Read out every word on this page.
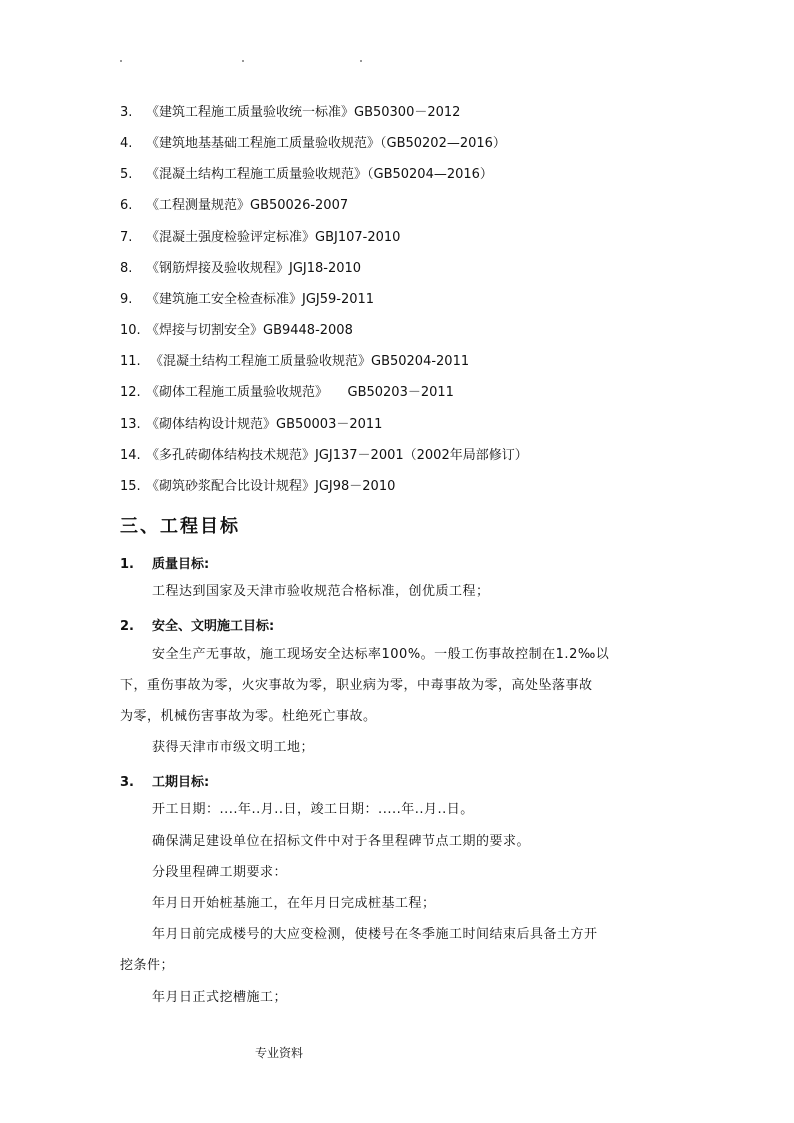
3. 《建筑工程施工质量验收统一标准》GB50300－2012
4. 《建筑地基基础工程施工质量验收规范》（GB50202—2016）
5. 《混凝土结构工程施工质量验收规范》（GB50204—2016）
6. 《工程测量规范》GB50026-2007
7. 《混凝土强度检验评定标准》GBJ107-2010
8. 《钢筋焊接及验收规程》JGJ18-2010
9. 《建筑施工安全检查标准》JGJ59-2011
10. 《焊接与切割安全》GB9448-2008
11. 《混凝土结构工程施工质量验收规范》GB50204-2011
12. 《砌体工程施工质量验收规范》　　GB50203－2011
13. 《砌体结构设计规范》GB50003－2011
14. 《多孔砖砌体结构技术规范》JGJ137－2001（2002年局部修订）
15. 《砌筑砂浆配合比设计规程》JGJ98－2010
三、工程目标
1. 质量目标:
工程达到国家及天津市验收规范合格标准，创优质工程；
2. 安全、文明施工目标:
安全生产无事故，施工现场安全达标率100%。一般工伤事故控制在1.2‰以
下，重伤事故为零，火灾事故为零，职业病为零，中毒事故为零，高处坠落事故
为零，机械伤害事故为零。杜绝死亡事故。
获得天津市市级文明工地；
3. 工期目标:
开工日期：....年..月..日，竣工日期：.....年..月..日。
确保满足建设单位在招标文件中对于各里程碑节点工期的要求。
分段里程碑工期要求：
年月日开始桩基施工，在年月日完成桩基工程；
年月日前完成楼号的大应变检测，使楼号在冬季施工时间结束后具备土方开
挖条件；
年月日正式挖槽施工；
专业资料
